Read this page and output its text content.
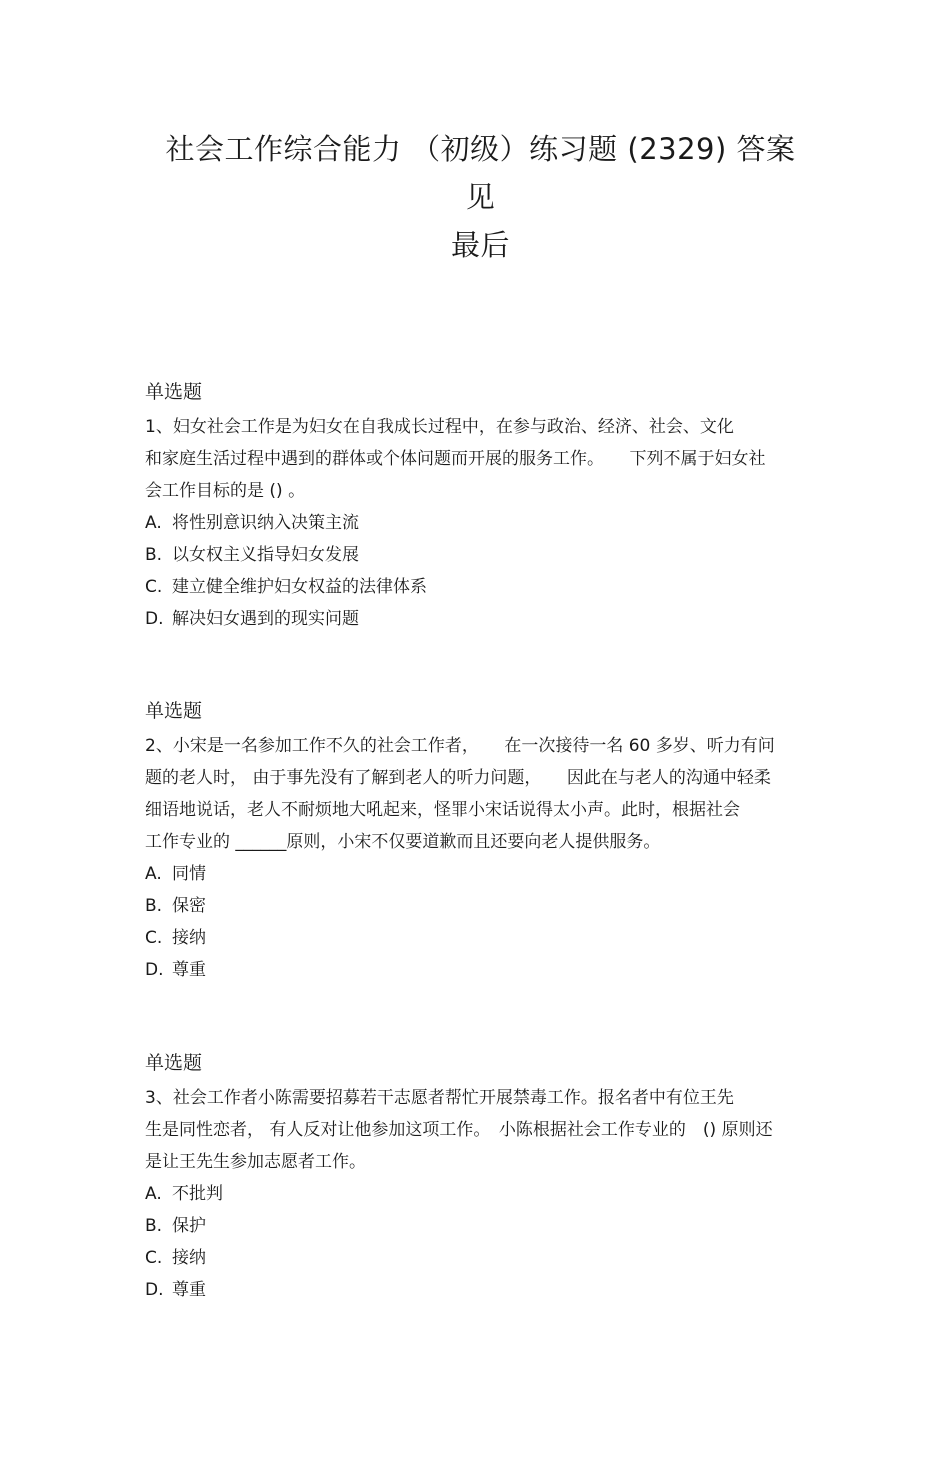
社会工作综合能力 （初级）练习题 (2329) 答案见
最后
单选题

1、妇女社会工作是为妇女在自我成长过程中，在参与政治、经济、社会、文化
和家庭生活过程中遇到的群体或个体问题而开展的服务工作。　　下列不属于妇女社
会工作目标的是 () 。

A. 将性别意识纳入决策主流
B. 以女权主义指导妇女发展
C. 建立健全维护妇女权益的法律体系
D. 解决妇女遇到的现实问题
单选题

2、小宋是一名参加工作不久的社会工作者，　　在一次接待一名 60 多岁、听力有问
题的老人时， 由于事先没有了解到老人的听力问题，　　因此在与老人的沟通中轻柔
细语地说话，老人不耐烦地大吼起来，怪罪小宋话说得太小声。此时，根据社会
工作专业的 ______原则，小宋不仅要道歉而且还要向老人提供服务。

A. 同情
B. 保密
C. 接纳
D. 尊重
单选题

3、社会工作者小陈需要招募若干志愿者帮忙开展禁毒工作。报名者中有位王先
生是同性恋者， 有人反对让他参加这项工作。　小陈根据社会工作专业的　() 原则还
是让王先生参加志愿者工作。

A. 不批判
B. 保护
C. 接纳
D. 尊重
